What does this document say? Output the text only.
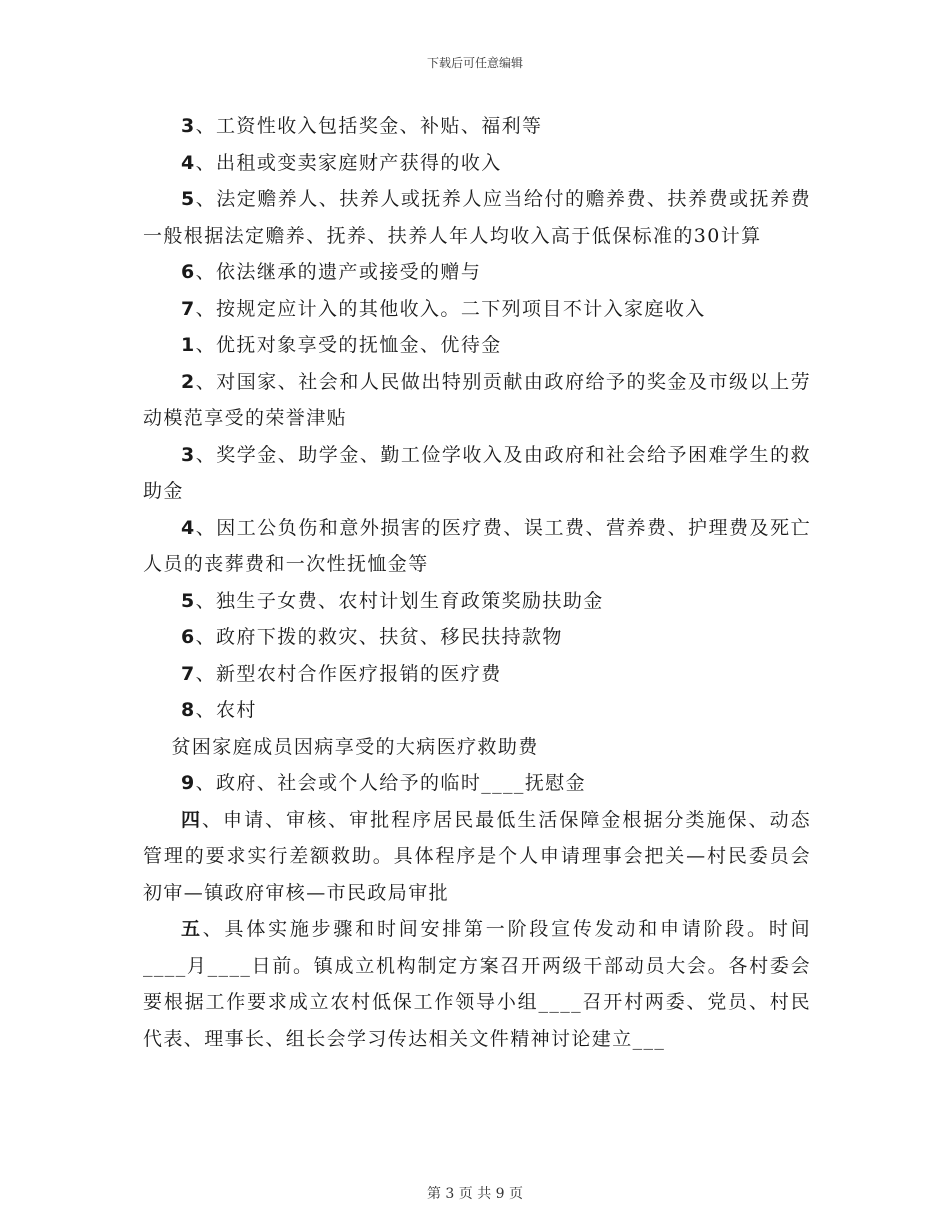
下载后可任意编辑

3、工资性收入包括奖金、补贴、福利等

4、出租或变卖家庭财产获得的收入

5、法定赡养人、扶养人或抚养人应当给付的赡养费、扶养费或抚养费一般根据法定赡养、抚养、扶养人年人均收入高于低保标准的30计算

6、依法继承的遗产或接受的赠与

7、按规定应计入的其他收入。二下列项目不计入家庭收入

1、优抚对象享受的抚恤金、优待金

2、对国家、社会和人民做出特别贡献由政府给予的奖金及市级以上劳动模范享受的荣誉津贴

3、奖学金、助学金、勤工俭学收入及由政府和社会给予困难学生的救助金

4、因工公负伤和意外损害的医疗费、误工费、营养费、护理费及死亡人员的丧葬费和一次性抚恤金等

5、独生子女费、农村计划生育政策奖励扶助金

6、政府下拨的救灾、扶贫、移民扶持款物

7、新型农村合作医疗报销的医疗费

8、农村

贫困家庭成员因病享受的大病医疗救助费

9、政府、社会或个人给予的临时____抚慰金

四、申请、审核、审批程序居民最低生活保障金根据分类施保、动态管理的要求实行差额救助。具体程序是个人申请理事会把关—村民委员会初审—镇政府审核—市民政局审批

五、具体实施步骤和时间安排第一阶段宣传发动和申请阶段。时间____月____日前。镇成立机构制定方案召开两级干部动员大会。各村委会要根据工作要求成立农村低保工作领导小组____召开村两委、党员、村民代表、理事长、组长会学习传达相关文件精神讨论建立___

第 3 页 共 9 页
